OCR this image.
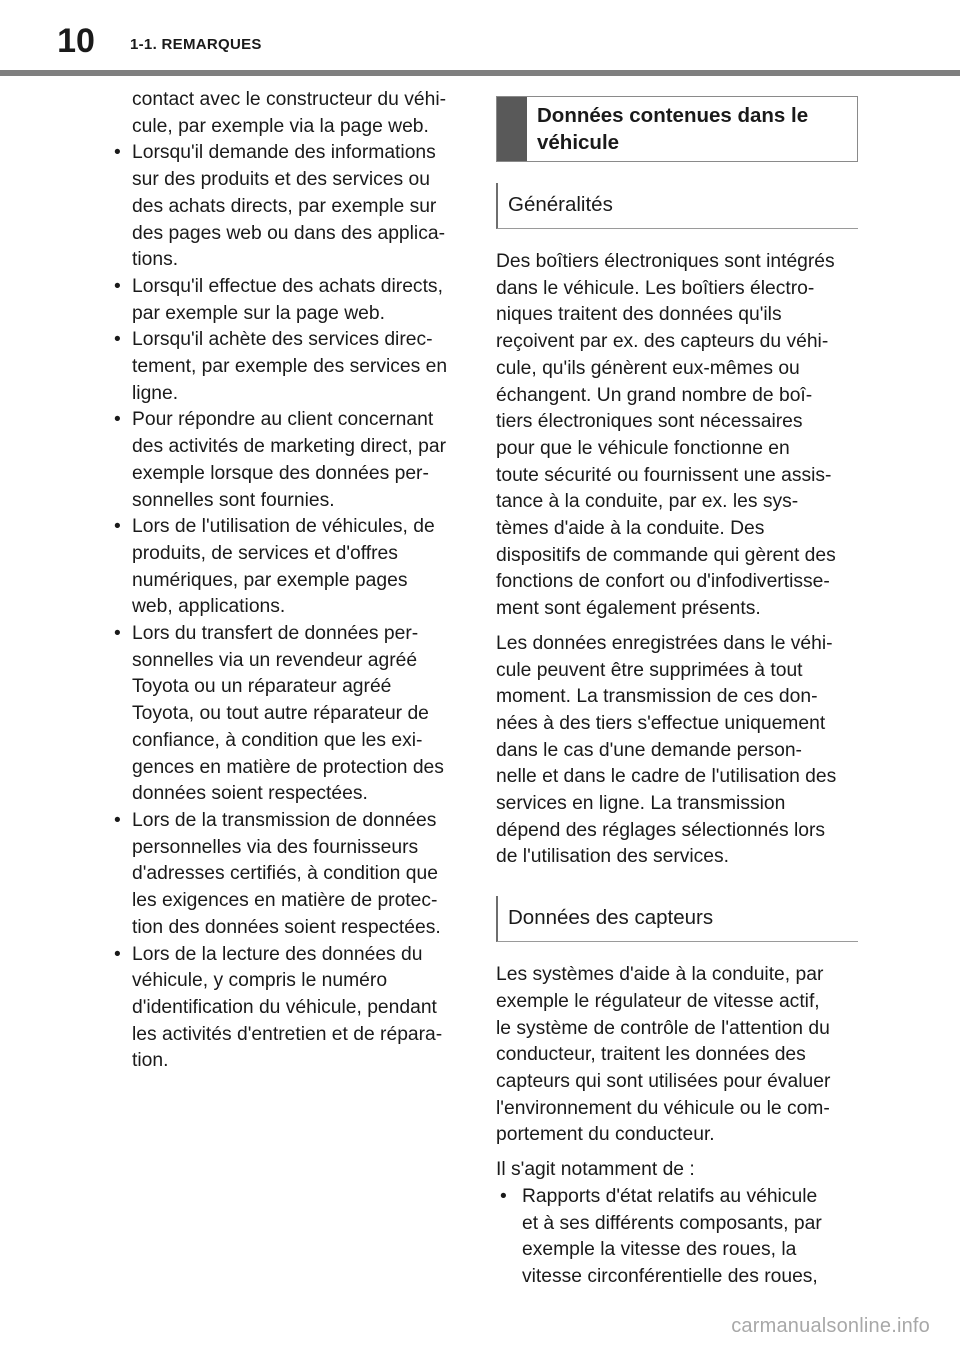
10	1-1. REMARQUES

contact avec le constructeur du véhi-
cule, par exemple via la page web.

• Lorsqu'il demande des informations
sur des produits et des services ou
des achats directs, par exemple sur
des pages web ou dans des applica-
tions.
• Lorsqu'il effectue des achats directs,
par exemple sur la page web.
• Lorsqu'il achète des services direc-
tement, par exemple des services en
ligne.
• Pour répondre au client concernant
des activités de marketing direct, par
exemple lorsque des données per-
sonnelles sont fournies.
• Lors de l'utilisation de véhicules, de
produits, de services et d'offres
numériques, par exemple pages
web, applications.
• Lors du transfert de données per-
sonnelles via un revendeur agréé
Toyota ou un réparateur agréé
Toyota, ou tout autre réparateur de
confiance, à condition que les exi-
gences en matière de protection des
données soient respectées.
• Lors de la transmission de données
personnelles via des fournisseurs
d'adresses certifiés, à condition que
les exigences en matière de protec-
tion des données soient respectées.
• Lors de la lecture des données du
véhicule, y compris le numéro
d'identification du véhicule, pendant
les activités d'entretien et de répara-
tion.
Données contenues dans le
véhicule
Généralités

Des boîtiers électroniques sont intégrés
dans le véhicule. Les boîtiers électro-
niques traitent des données qu'ils
reçoivent par ex. des capteurs du véhi-
cule, qu'ils génèrent eux-mêmes ou
échangent. Un grand nombre de boî-
tiers électroniques sont nécessaires
pour que le véhicule fonctionne en
toute sécurité ou fournissent une assis-
tance à la conduite, par ex. les sys-
tèmes d'aide à la conduite. Des
dispositifs de commande qui gèrent des
fonctions de confort ou d'infodivertisse-
ment sont également présents.

Les données enregistrées dans le véhi-
cule peuvent être supprimées à tout
moment. La transmission de ces don-
nées à des tiers s'effectue uniquement
dans le cas d'une demande person-
nelle et dans le cadre de l'utilisation des
services en ligne. La transmission
dépend des réglages sélectionnés lors
de l'utilisation des services.

Données des capteurs

Les systèmes d'aide à la conduite, par
exemple le régulateur de vitesse actif,
le système de contrôle de l'attention du
conducteur, traitent les données des
capteurs qui sont utilisées pour évaluer
l'environnement du véhicule ou le com-
portement du conducteur.

Il s'agit notamment de :

• Rapports d'état relatifs au véhicule
et à ses différents composants, par
exemple la vitesse des roues, la
vitesse circonférentielle des roues,
carmanualsonline.info
